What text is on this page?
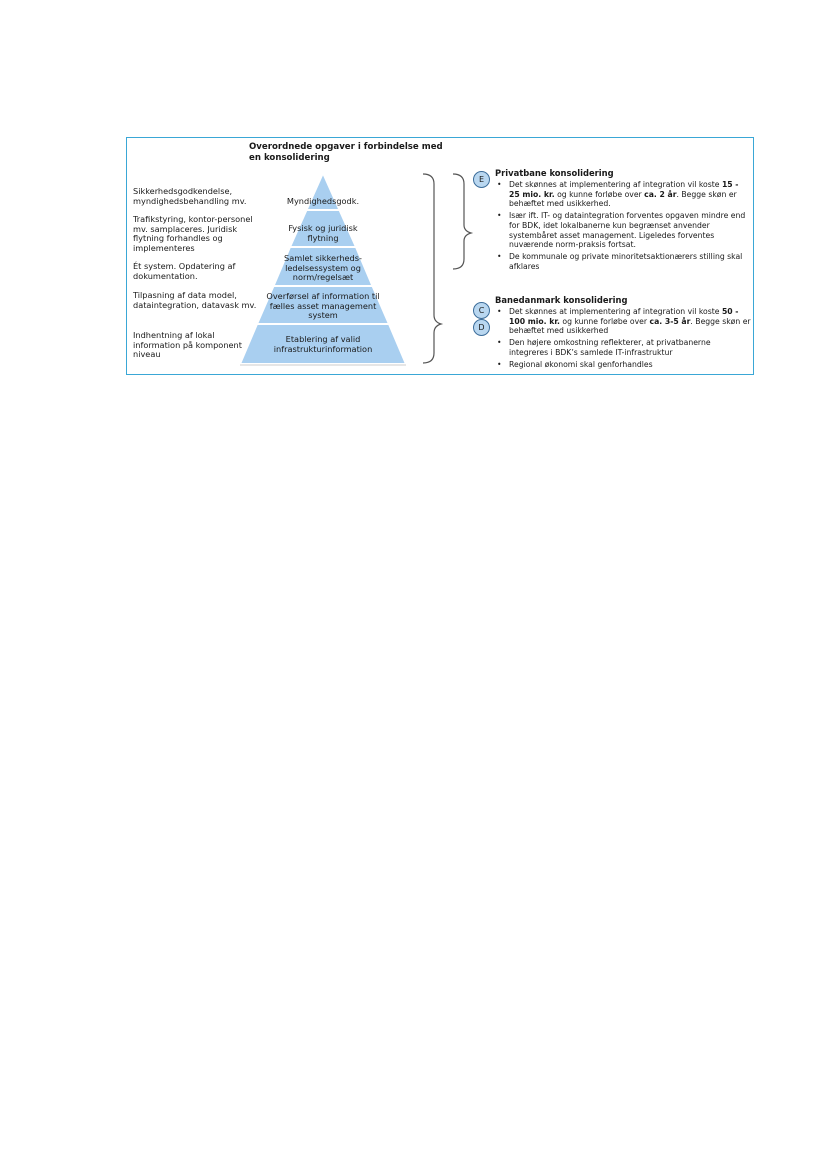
Overordnede opgaver i forbindelse med en konsolidering
Sikkerhedsgodkendelse, myndighedsbehandling mv.
Trafikstyring, kontor-personel mv. samplaceres. Juridisk flytning forhandles og implementeres
Ét system. Opdatering af dokumentation.
Tilpasning af data model, dataintegration, datavask mv.
Indhentning af lokal information på komponent niveau
Myndighedsgodk.
Fysisk og juridisk flytning
Samlet sikkerheds-ledelsessystem og norm/regelsæt
Overførsel af information til fælles asset management system
Etablering af valid infrastrukturinformation
E
Privatbane konsolidering
• Det skønnes at implementering af integration vil koste 15 - 25 mio. kr. og kunne forløbe over ca. 2 år. Begge skøn er behæftet med usikkerhed.
• Især ift. IT- og dataintegration forventes opgaven mindre end for BDK, idet lokalbanerne kun begrænset anvender systembåret asset management. Ligeledes forventes nuværende norm-praksis fortsat.
• De kommunale og private minoritetsaktionærers stilling skal afklares
C
D
Banedanmark konsolidering
• Det skønnes at implementering af integration vil koste 50 - 100 mio. kr. og kunne forløbe over ca. 3-5 år. Begge skøn er behæftet med usikkerhed
• Den højere omkostning reflekterer, at privatbanerne integreres i BDK’s samlede IT-infrastruktur
• Regional økonomi skal genforhandles
